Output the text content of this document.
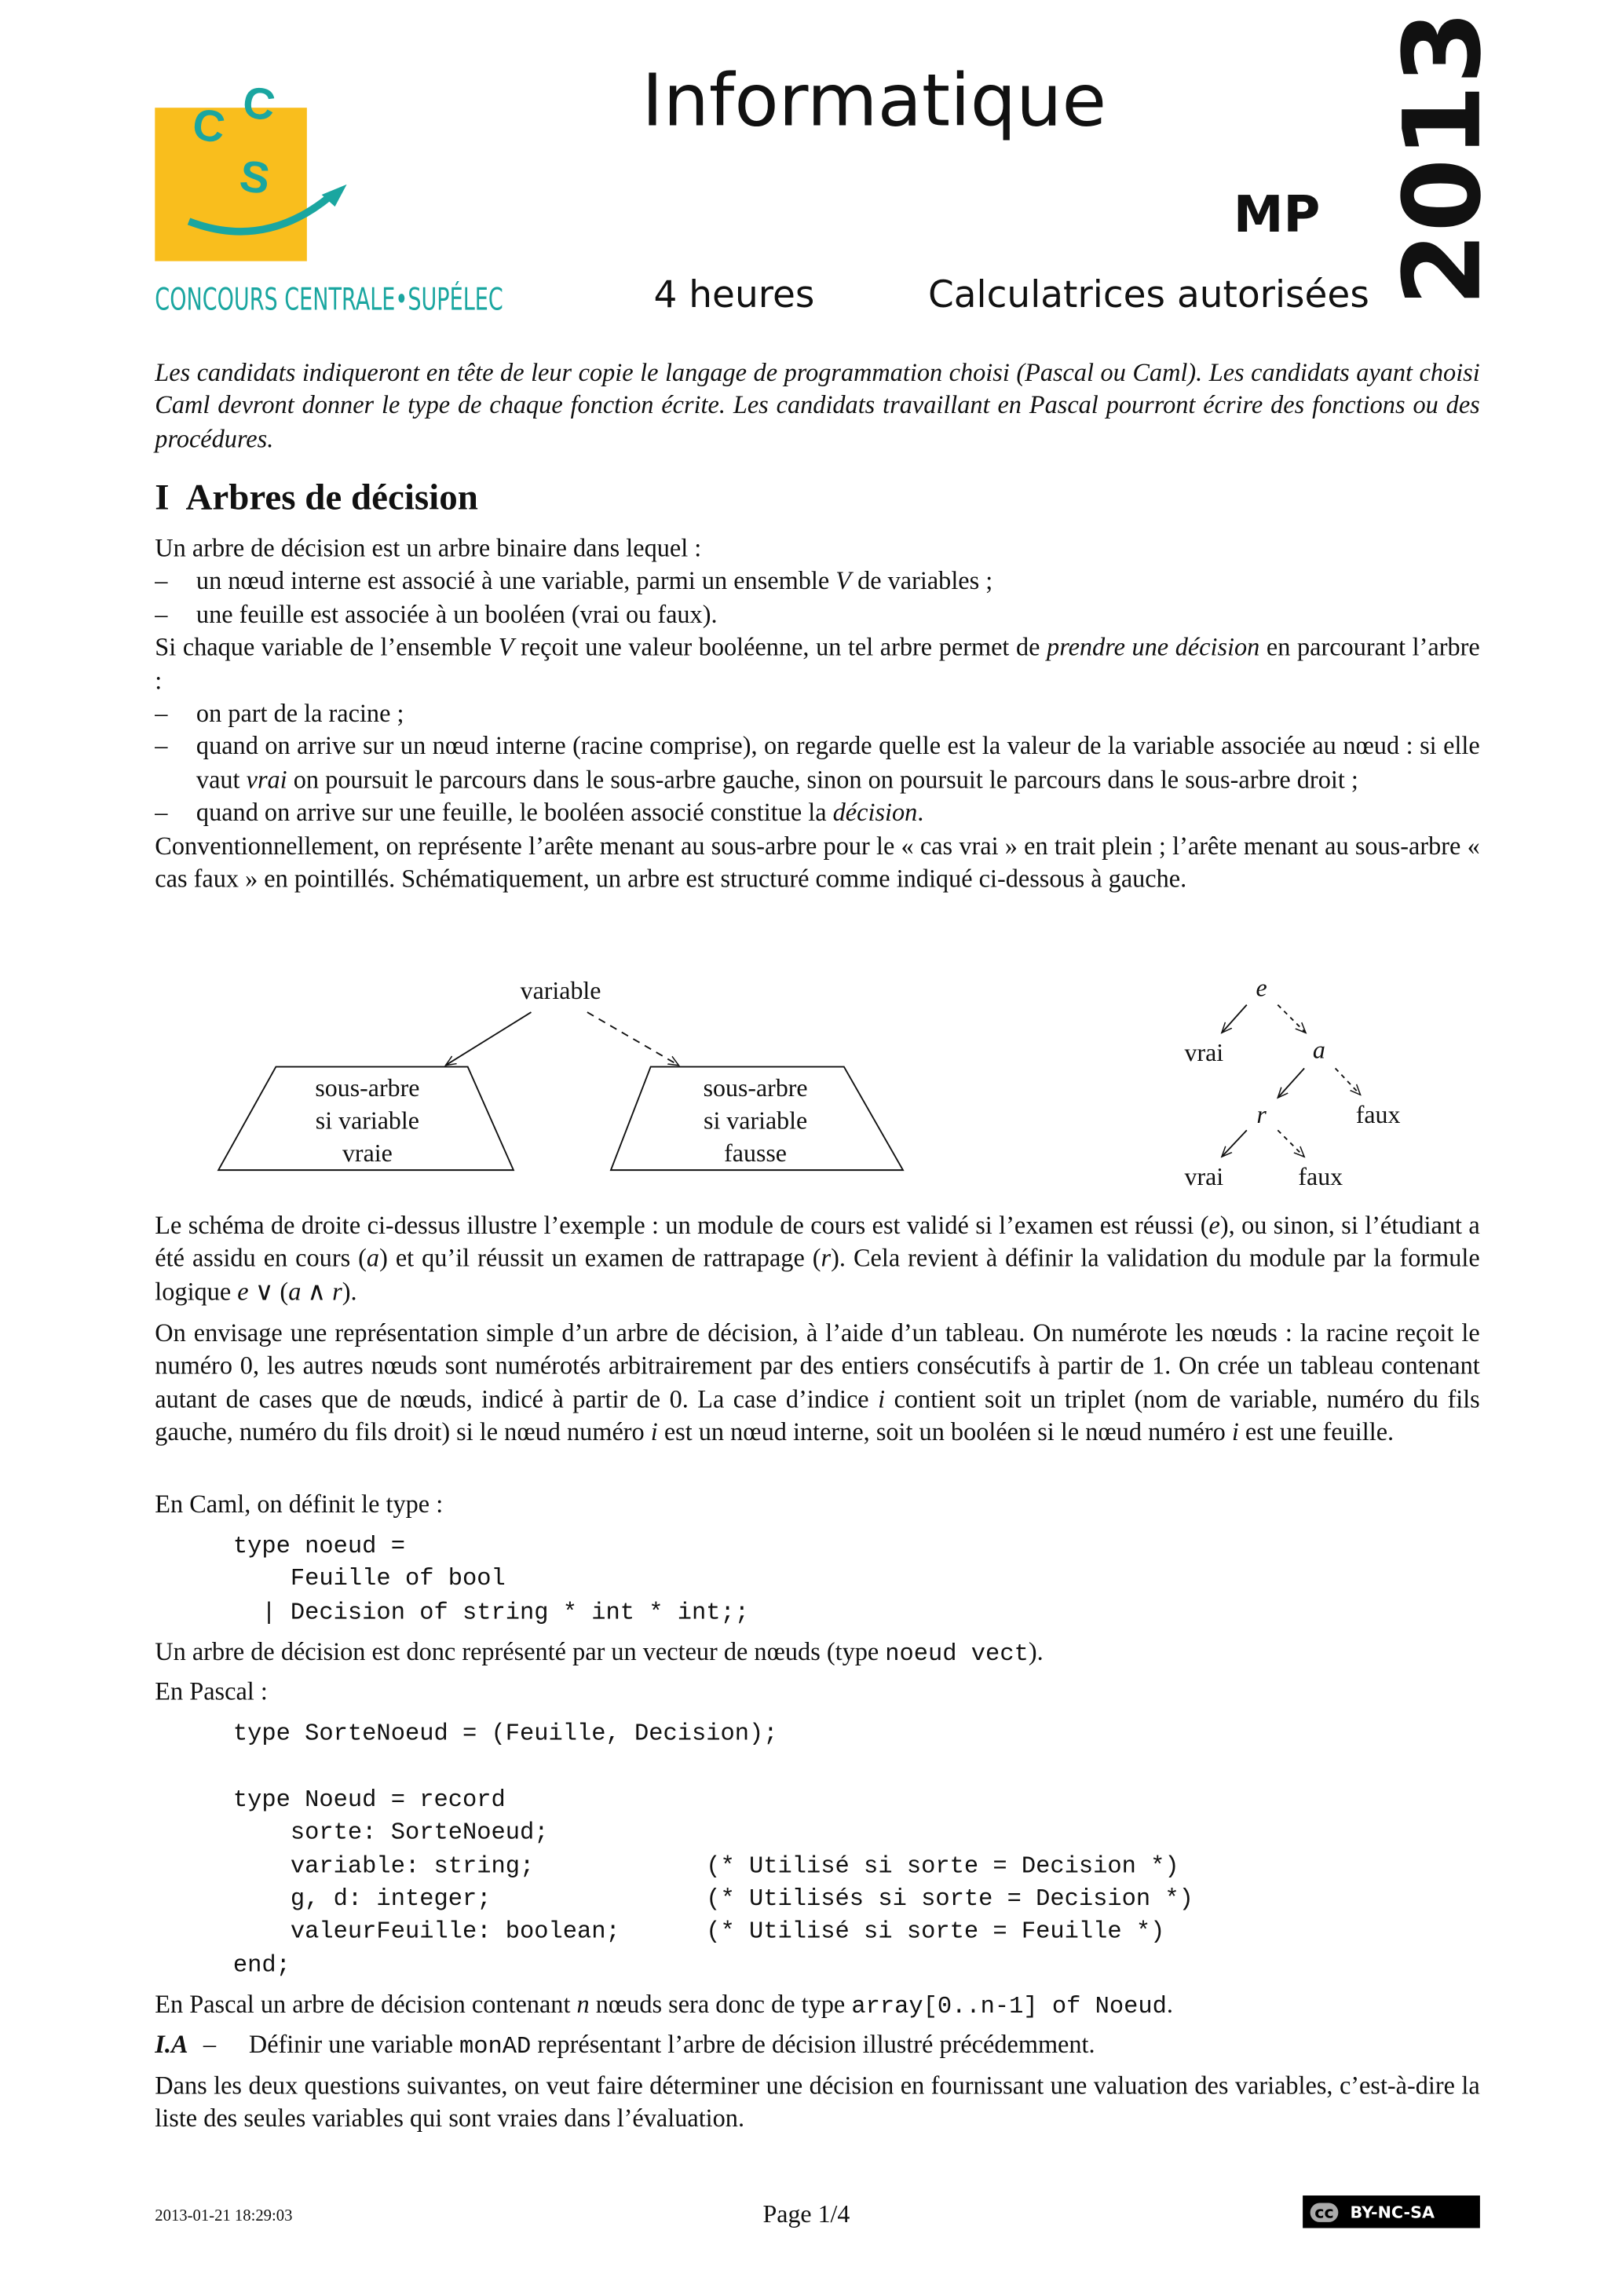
C C
S
CONCOURS CENTRALE•SUPÉLEC
Informatique
MP
4 heures	Calculatrices autorisées 2013
Les candidats indiqueront en tête de leur copie le langage de programmation choisi (Pascal ou Caml). Les candidats ayant choisi Caml devront donner le type de chaque fonction écrite. Les candidats travaillant en Pascal pourront écrire des fonctions ou des procédures.
I Arbres de décision
Un arbre de décision est un arbre binaire dans lequel :
– un nœud interne est associé à une variable, parmi un ensemble V de variables ;
– une feuille est associée à un booléen (vrai ou faux).
Si chaque variable de l’ensemble V reçoit une valeur booléenne, un tel arbre permet de prendre une décision en parcourant l’arbre :
– on part de la racine ;
– quand on arrive sur un nœud interne (racine comprise), on regarde quelle est la valeur de la variable associée au nœud : si elle vaut vrai on poursuit le parcours dans le sous-arbre gauche, sinon on poursuit le parcours dans le sous-arbre droit ;
– quand on arrive sur une feuille, le booléen associé constitue la décision.
Conventionnellement, on représente l’arête menant au sous-arbre pour le « cas vrai » en trait plein ; l’arête menant au sous-arbre « cas faux » en pointillés. Schématiquement, un arbre est structuré comme indiqué ci-dessous à gauche.
variable
sous-arbre
si variable
vraie
sous-arbre
si variable
fausse
e
vrai	a
r	faux
vrai	faux
Le schéma de droite ci-dessus illustre l’exemple : un module de cours est validé si l’examen est réussi (e), ou sinon, si l’étudiant a été assidu en cours (a) et qu’il réussit un examen de rattrapage (r). Cela revient à définir la validation du module par la formule logique e ∨ (a ∧ r).
On envisage une représentation simple d’un arbre de décision, à l’aide d’un tableau. On numérote les nœuds : la racine reçoit le numéro 0, les autres nœuds sont numérotés arbitrairement par des entiers consécutifs à partir de 1. On crée un tableau contenant autant de cases que de nœuds, indicé à partir de 0. La case d’indice i contient soit un triplet (nom de variable, numéro du fils gauche, numéro du fils droit) si le nœud numéro i est un nœud interne, soit un booléen si le nœud numéro i est une feuille.
En Caml, on définit le type :
type noeud =
Feuille of bool
| Decision of string * int * int;;
Un arbre de décision est donc représenté par un vecteur de nœuds (type noeud vect).
En Pascal :
type SorteNoeud = (Feuille, Decision);

type Noeud = record
sorte: SorteNoeud;
variable: string;            (* Utilisé si sorte = Decision *)
g, d: integer;               (* Utilisés si sorte = Decision *)
valeurFeuille: boolean;      (* Utilisé si sorte = Feuille *)
end;
En Pascal un arbre de décision contenant n nœuds sera donc de type array[0..n-1] of Noeud.
I.A – Définir une variable monAD représentant l’arbre de décision illustré précédemment.
Dans les deux questions suivantes, on veut faire déterminer une décision en fournissant une valuation des variables, c’est-à-dire la liste des seules variables qui sont vraies dans l’évaluation.
2013-01-21 18:29:03	Page 1/4	cc	BY-NC-SA
